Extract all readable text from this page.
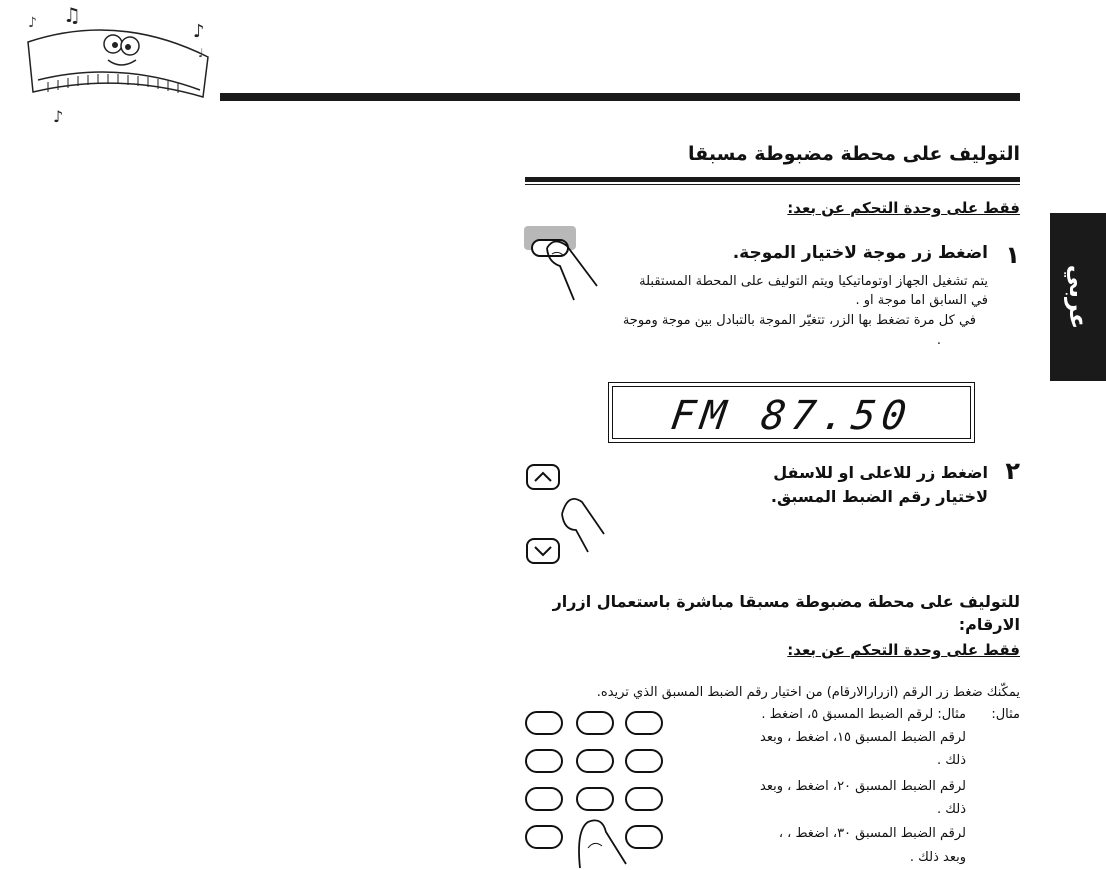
♫
♪	♪
♩
♪
عربي
التوليف على محطة مضبوطة مسبقا
فقط على وحدة التحكم عن بعد:
١
اضغط زر موجة لاختيار الموجة.
يتم تشغيل الجهاز اوتوماتيكيا ويتم التوليف على المحطة المستقبلة
في السابق اما موجة او .
في كل مرة تضغط بها الزر، تتغيّر الموجة بالتبادل بين موجة وموجة
.
FM 87.50
٢
اضغط زر للاعلى او للاسفل
لاختيار رقم الضبط المسبق.
للتوليف على محطة مضبوطة مسبقا مباشرة باستعمال ازرار
الارقام:
فقط على وحدة التحكم عن بعد:
يمكّنك ضغط زر الرقم (ازرارالارقام) من اختيار رقم الضبط المسبق الذي تريده.
مثال:
مثال: لرقم الضبط المسبق ٥، اضغط .
لرقم الضبط المسبق ١٥، اضغط ، وبعد
ذلك .
لرقم الضبط المسبق ٢٠، اضغط ، وبعد
ذلك .
لرقم الضبط المسبق ٣٠، اضغط ، ،
وبعد ذلك .
